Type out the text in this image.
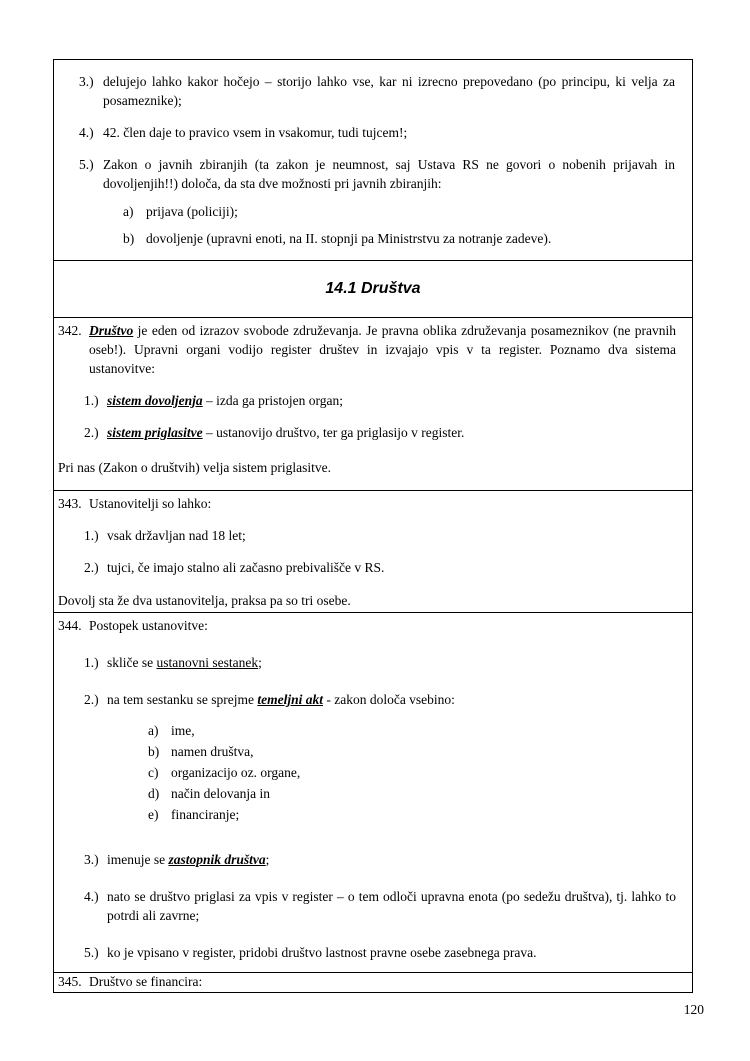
3.) delujejo lahko kakor hočejo – storijo lahko vse, kar ni izrecno prepovedano (po principu, ki velja za posameznike);
4.) 42. člen daje to pravico vsem in vsakomur, tudi tujcem!;
5.) Zakon o javnih zbiranjih (ta zakon je neumnost, saj Ustava RS ne govori o nobenih prijavah in dovoljenjih!!) določa, da sta dve možnosti pri javnih zbiranjih:
a) prijava (policiji);
b) dovoljenje (upravni enoti, na II. stopnji pa Ministrstvu za notranje zadeve).
14.1 Društva
342. Društvo je eden od izrazov svobode združevanja. Je pravna oblika združevanja posameznikov (ne pravnih oseb!). Upravni organi vodijo register društev in izvajajo vpis v ta register. Poznamo dva sistema ustanovitve:
1.) sistem dovoljenja – izda ga pristojen organ;
2.) sistem priglasitve – ustanovijo društvo, ter ga priglasijo v register.
Pri nas (Zakon o društvih) velja sistem priglasitve.
343. Ustanovitelji so lahko:
1.) vsak državljan nad 18 let;
2.) tujci, če imajo stalno ali začasno prebivališče v RS.
Dovolj sta že dva ustanovitelja, praksa pa so tri osebe.
344. Postopek ustanovitve:
1.) skliče se ustanovni sestanek;
2.) na tem sestanku se sprejme temeljni akt - zakon določa vsebino:
a) ime,
b) namen društva,
c) organizacijo oz. organe,
d) način delovanja in
e) financiranje;
3.) imenuje se zastopnik društva;
4.) nato se društvo priglasi za vpis v register – o tem odloči upravna enota (po sedežu društva), tj. lahko to potrdi ali zavrne;
5.) ko je vpisano v register, pridobi društvo lastnost pravne osebe zasebnega prava.
345. Društvo se financira:
120
